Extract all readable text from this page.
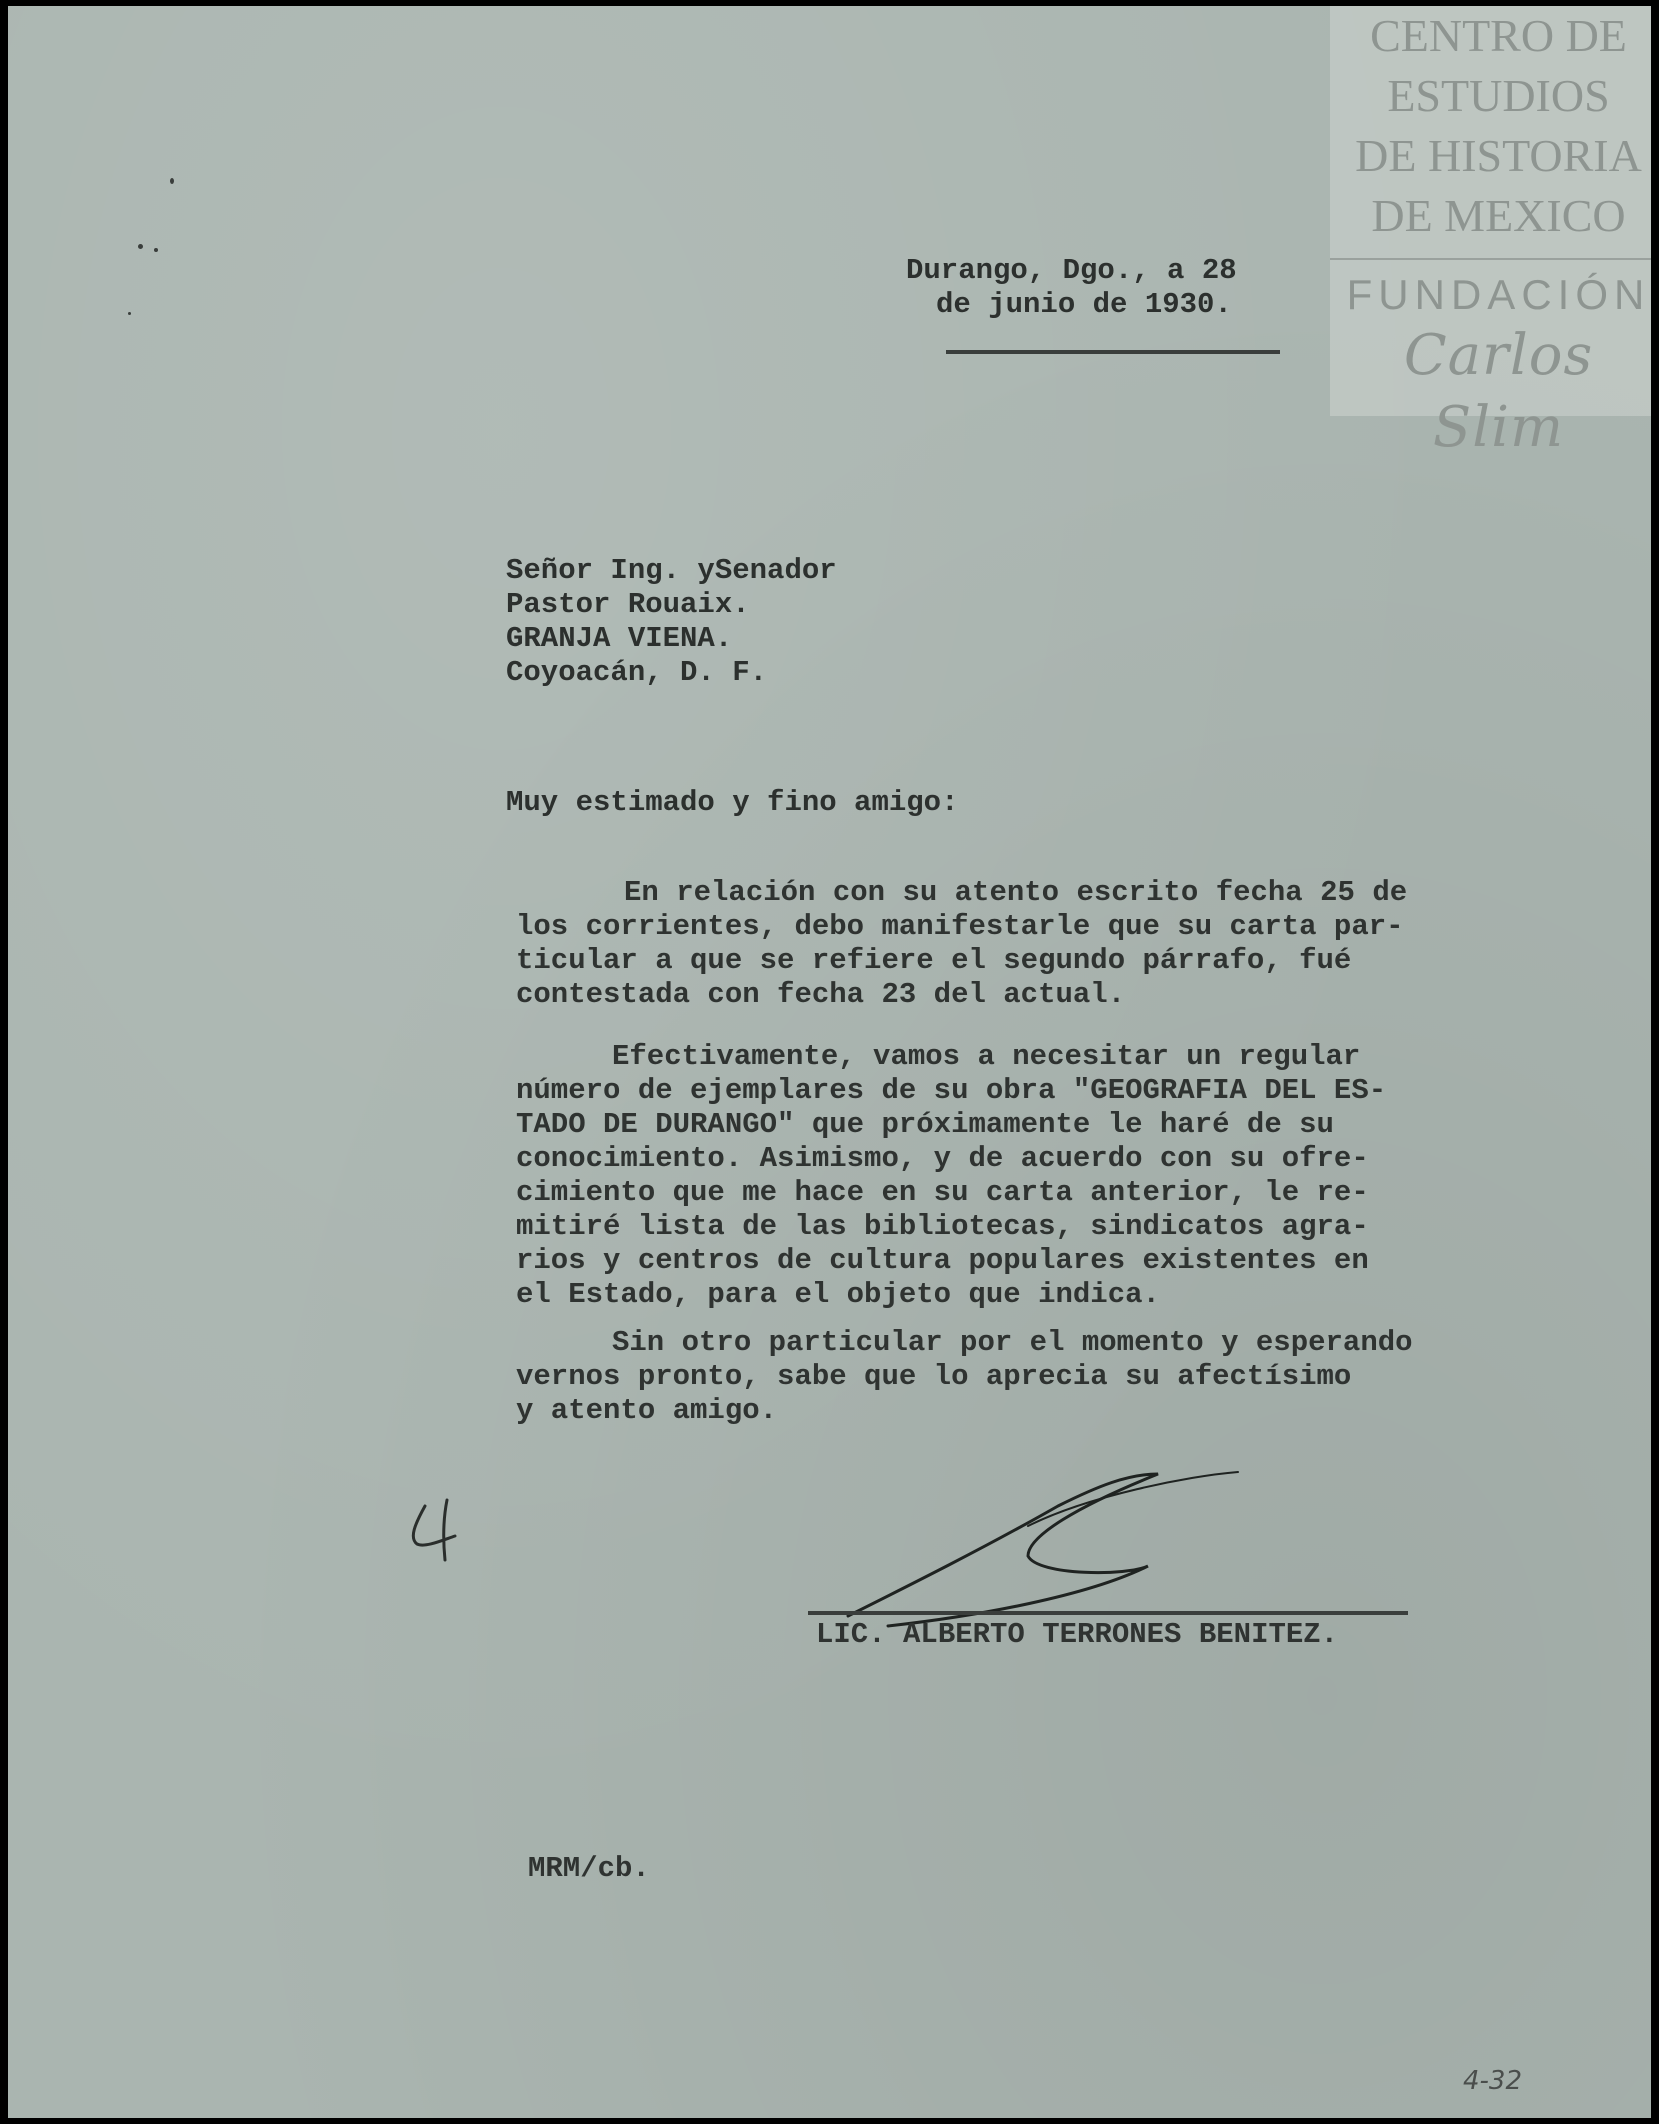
CENTRO DE
ESTUDIOS
DE HISTORIA
DE MEXICO
FUNDACIÓN
Carlos Slim
Durango, Dgo., a 28
de junio de 1930.
Señor Ing. ySenador
Pastor Rouaix.
GRANJA VIENA.
Coyoacán, D. F.
Muy estimado y fino amigo:
En relación con su atento escrito fecha 25 de
los corrientes, debo manifestarle que su carta par-
ticular a que se refiere el segundo párrafo, fué
contestada con fecha 23 del actual.
Efectivamente, vamos a necesitar un regular
número de ejemplares de su obra "GEOGRAFIA DEL ES-
TADO DE DURANGO" que próximamente le haré de su
conocimiento. Asimismo, y de acuerdo con su ofre-
cimiento que me hace en su carta anterior, le re-
mitiré lista de las bibliotecas, sindicatos agra-
rios y centros de cultura populares existentes en
el Estado, para el objeto que indica.
Sin otro particular por el momento y esperando
vernos pronto, sabe que lo aprecia su afectísimo
y atento amigo.
LIC. ALBERTO TERRONES BENITEZ.
MRM/cb.
4-32
